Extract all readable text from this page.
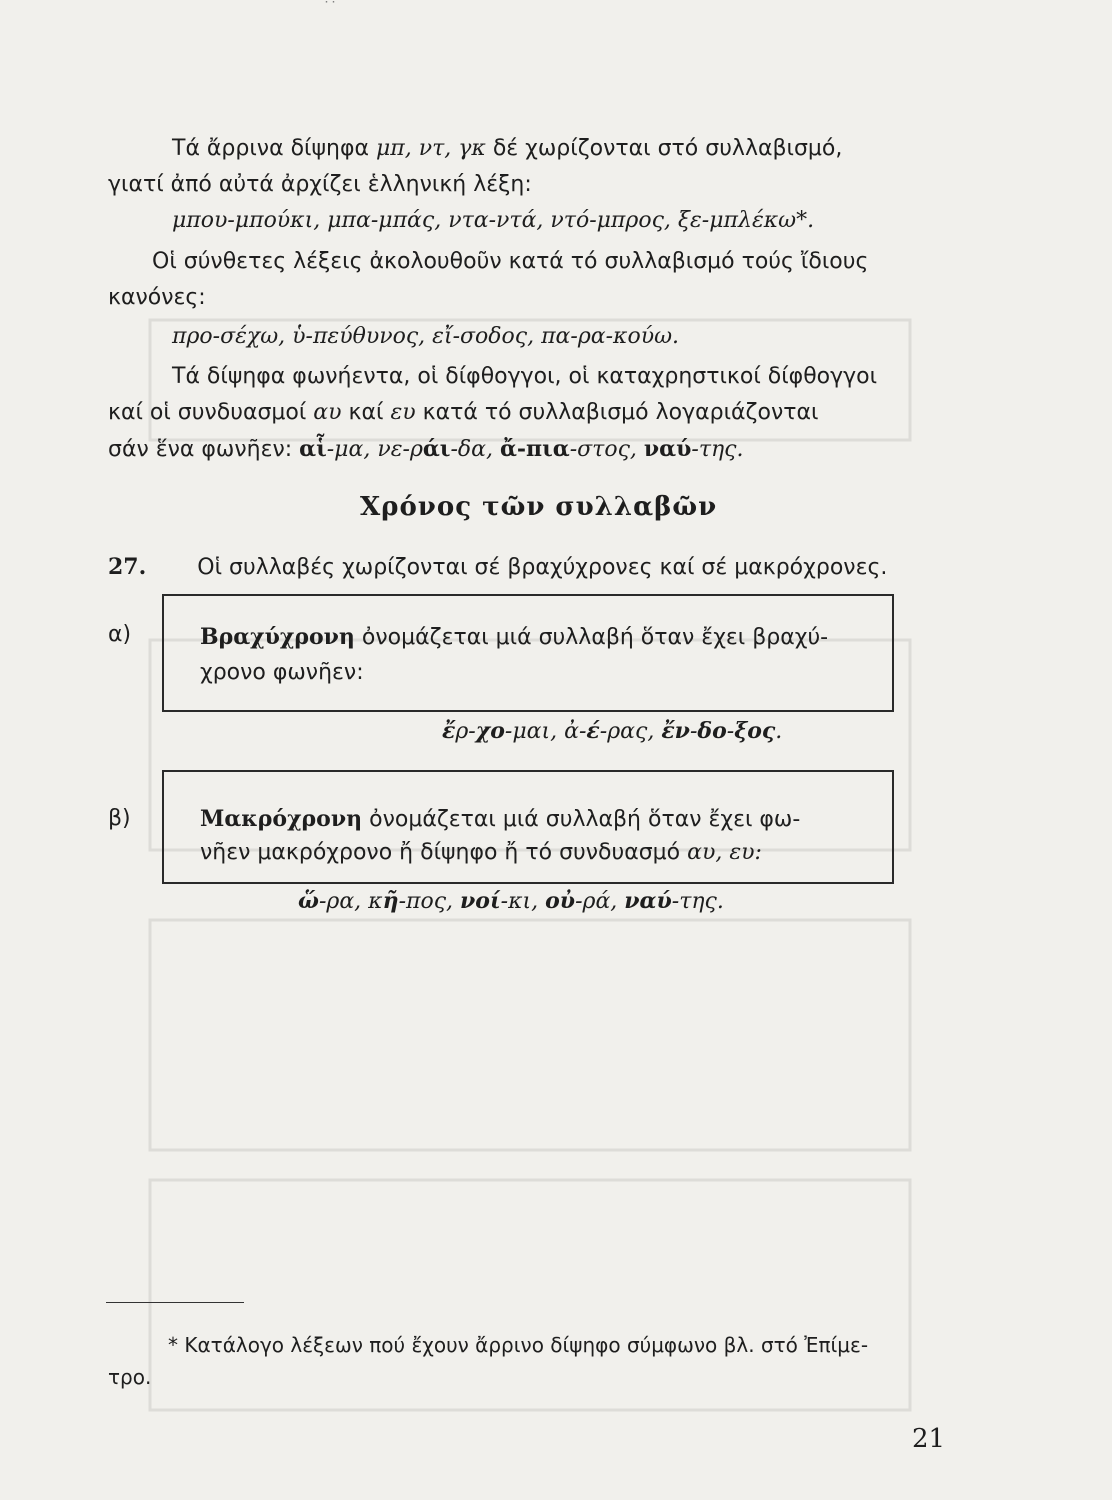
˙˙
Τά ἄρρινα δίψηφα μπ, ντ, γκ δέ χωρίζονται στό συλλαβισμό,
γιατί ἀπό αὐτά ἀρχίζει ἑλληνική λέξη:
μπου-μπούκι, μπα-μπάς, ντα-ντά, ντό-μπρος, ξε-μπλέκω*.
Οἱ σύνθετες λέξεις ἀκολουθοῦν κατά τό συλλαβισμό τούς ἴδιους
κανόνες:
προ-σέχω, ὑ-πεύθυνος, εἴ-σοδος, πα-ρα-κούω.
Τά δίψηφα φωνήεντα, οἱ δίφθογγοι, οἱ καταχρηστικοί δίφθογγοι
καί οἱ συνδυασμοί αυ καί ευ κατά τό συλλαβισμό λογαριάζονται
σάν ἕνα φωνῆεν: αἷ-μα, νε-ράι-δα, ἄ-πια-στος, ναύ-της.
Χρόνος τῶν συλλαβῶν
27. Οἱ συλλαβές χωρίζονται σέ βραχύχρονες καί σέ μακρόχρονες.
α)	Βραχύχρονη ὀνομάζεται μιά συλλαβή ὅταν ἔχει βραχύ-
χρονο φωνῆεν:
ἔρ-χο-μαι, ἀ-έ-ρας, ἔν-δο-ξος.
β)	Μακρόχρονη ὀνομάζεται μιά συλλαβή ὅταν ἔχει φω-
νῆεν μακρόχρονο ἤ δίψηφο ἤ τό συνδυασμό αυ, ευ:
ὥ-ρα, κῆ-πος, νοί-κι, οὐ-ρά, ναύ-της.
* Κατάλογο λέξεων πού ἔχουν ἄρρινο δίψηφο σύμφωνο βλ. στό Ἐπίμε-
τρο.
21
